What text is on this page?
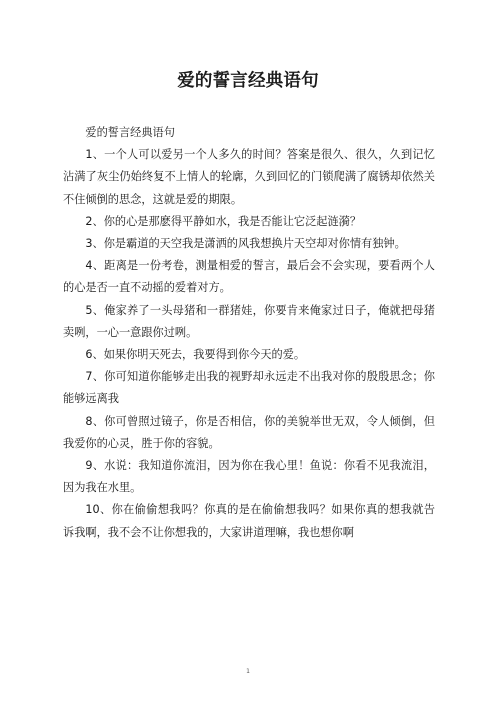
爱的誓言经典语句

爱的誓言经典语句

1、一个人可以爱另一个人多久的时间？答案是很久、很久，久到记忆沾满了灰尘仍始终复不上情人的轮廓，久到回忆的门锁爬满了腐锈却依然关不住倾倒的思念，这就是爱的期限。

2、你的心是那麽得平静如水，我是否能让它泛起涟漪？

3、你是霸道的天空我是潇洒的风我想换片天空却对你情有独钟。

4、距离是一份考卷，测量相爱的誓言，最后会不会实现，要看两个人的心是否一直不动摇的爱着对方。

5、俺家养了一头母猪和一群猪娃，你要肯来俺家过日子，俺就把母猪卖咧，一心一意跟你过咧。

6、如果你明天死去，我要得到你今天的爱。

7、你可知道你能够走出我的视野却永远走不出我对你的殷殷思念；你能够远离我

8、你可曾照过镜子，你是否相信，你的美貌举世无双，令人倾倒，但我爱你的心灵，胜于你的容貌。

9、水说：我知道你流泪，因为你在我心里！鱼说：你看不见我流泪，因为我在水里。

10、你在偷偷想我吗？你真的是在偷偷想我吗？如果你真的想我就告诉我啊，我不会不让你想我的，大家讲道理嘛，我也想你啊

1
